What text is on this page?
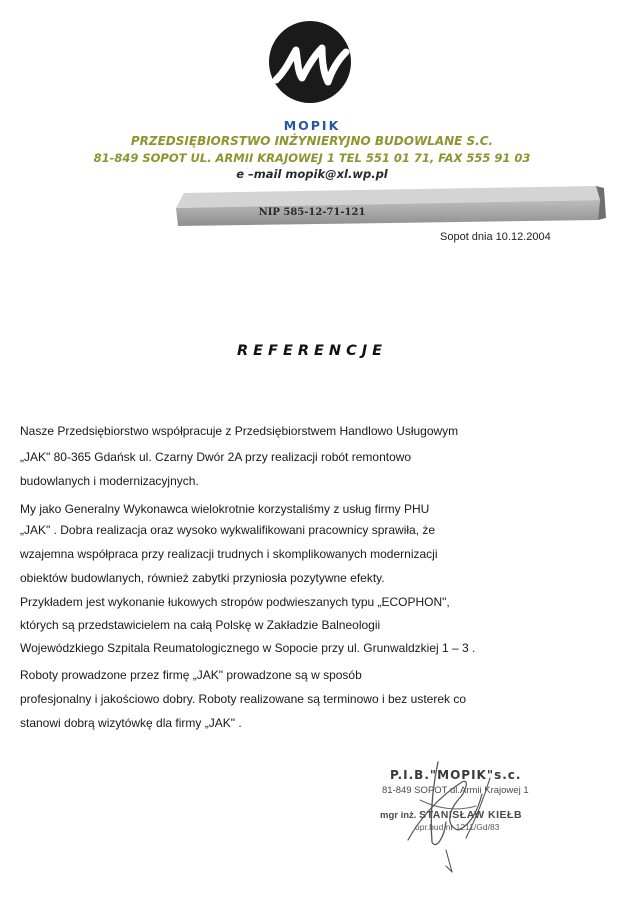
MOPIK
PRZEDSIĘBIORSTWO INŻYNIERYJNO BUDOWLANE S.C.
81-849 SOPOT UL. ARMII KRAJOWEJ 1 TEL 551 01 71, FAX 555 91 03
e –mail mopik@xl.wp.pl
NIP 585-12-71-121
Sopot dnia 10.12.2004
REFERENCJE
Nasze Przedsiębiorstwo współpracuje z Przedsiębiorstwem Handlowo Usługowym
„JAK" 80-365 Gdańsk ul. Czarny Dwór 2A przy realizacji robót remontowo
budowlanych i modernizacyjnych.
My jako Generalny Wykonawca wielokrotnie korzystaliśmy z usług firmy PHU
„JAK" . Dobra realizacja oraz wysoko wykwalifikowani pracownicy sprawiła, że
wzajemna współpraca przy realizacji trudnych i skomplikowanych modernizacji
obiektów budowlanych, również zabytki przyniosła pozytywne efekty.
Przykładem jest wykonanie łukowych stropów podwieszanych typu „ECOPHON",
których są przedstawicielem na całą Polskę w Zakładzie Balneologii
Wojewódzkiego Szpitala Reumatologicznego w Sopocie przy ul. Grunwaldzkiej 1 – 3 .
Roboty prowadzone przez firmę „JAK" prowadzone są w sposób
profesjonalny i jakościowo dobry. Roboty realizowane są terminowo i bez usterek co
stanowi dobrą wizytówkę dla firmy „JAK" .
P.I.B."MOPIK"s.c.
81-849 SOPOT ul.Armii Krajowej 1
mgr inż. STANISŁAW KIEŁB
upr.bud.nr 1211/Gd/83
